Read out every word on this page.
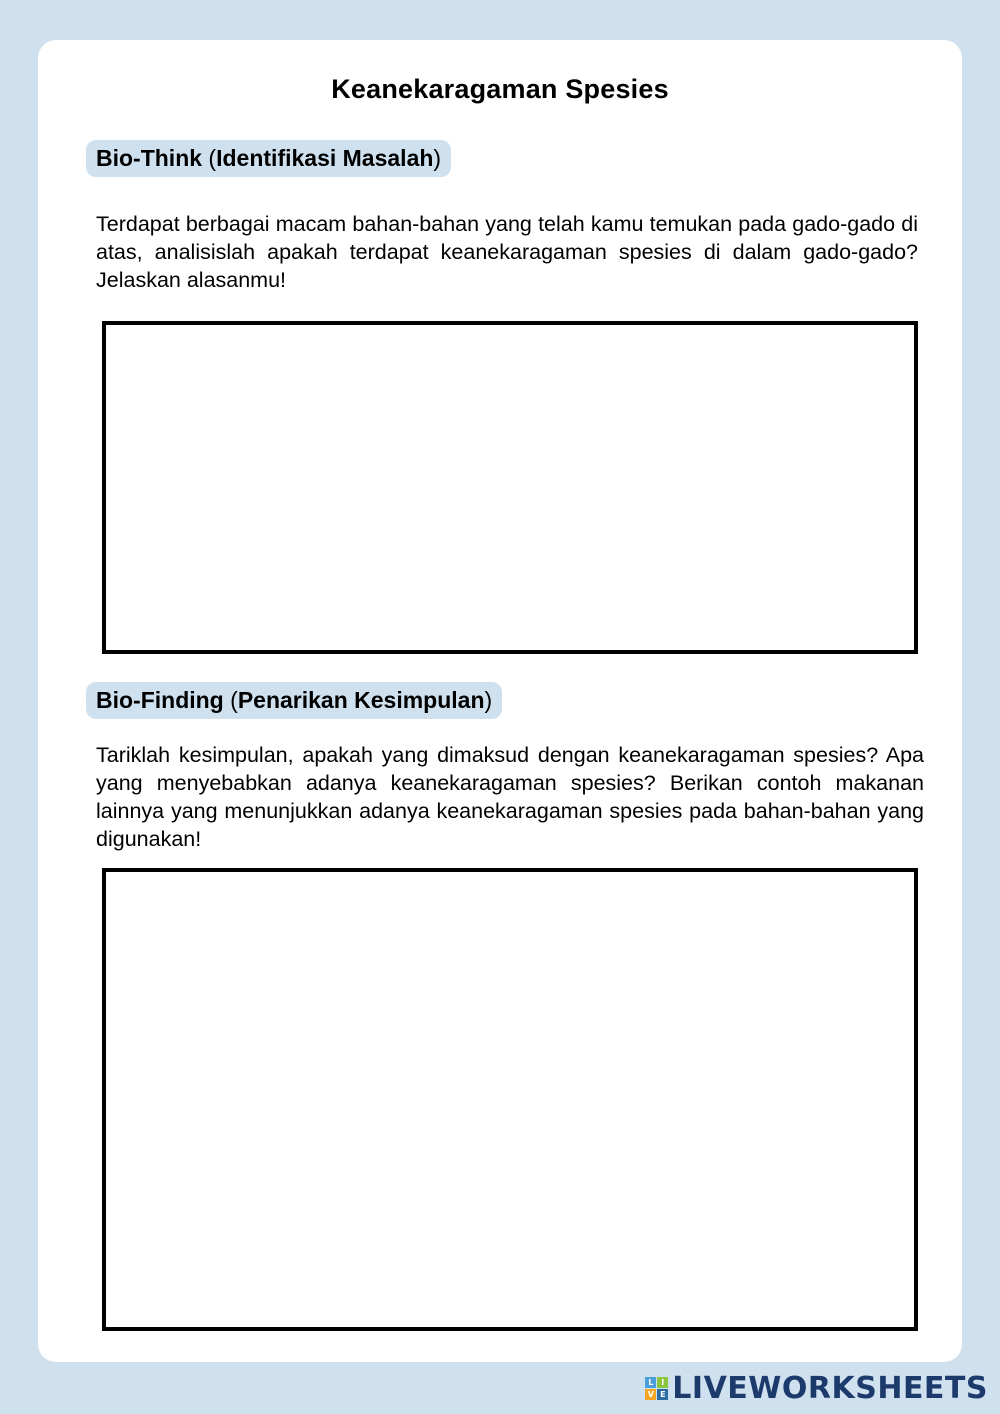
Keanekaragaman Spesies
Bio-Think (Identifikasi Masalah)

Terdapat berbagai macam bahan-bahan yang telah kamu temukan pada gado-gado di atas, analisislah apakah terdapat keanekaragaman spesies di dalam gado-gado? Jelaskan alasanmu!

Bio-Finding (Penarikan Kesimpulan)

Tariklah kesimpulan, apakah yang dimaksud dengan keanekaragaman spesies? Apa yang menyebabkan adanya keanekaragaman spesies? Berikan contoh makanan lainnya yang menunjukkan adanya keanekaragaman spesies pada bahan-bahan yang digunakan!

L I
V E LIVEWORKSHEETS
